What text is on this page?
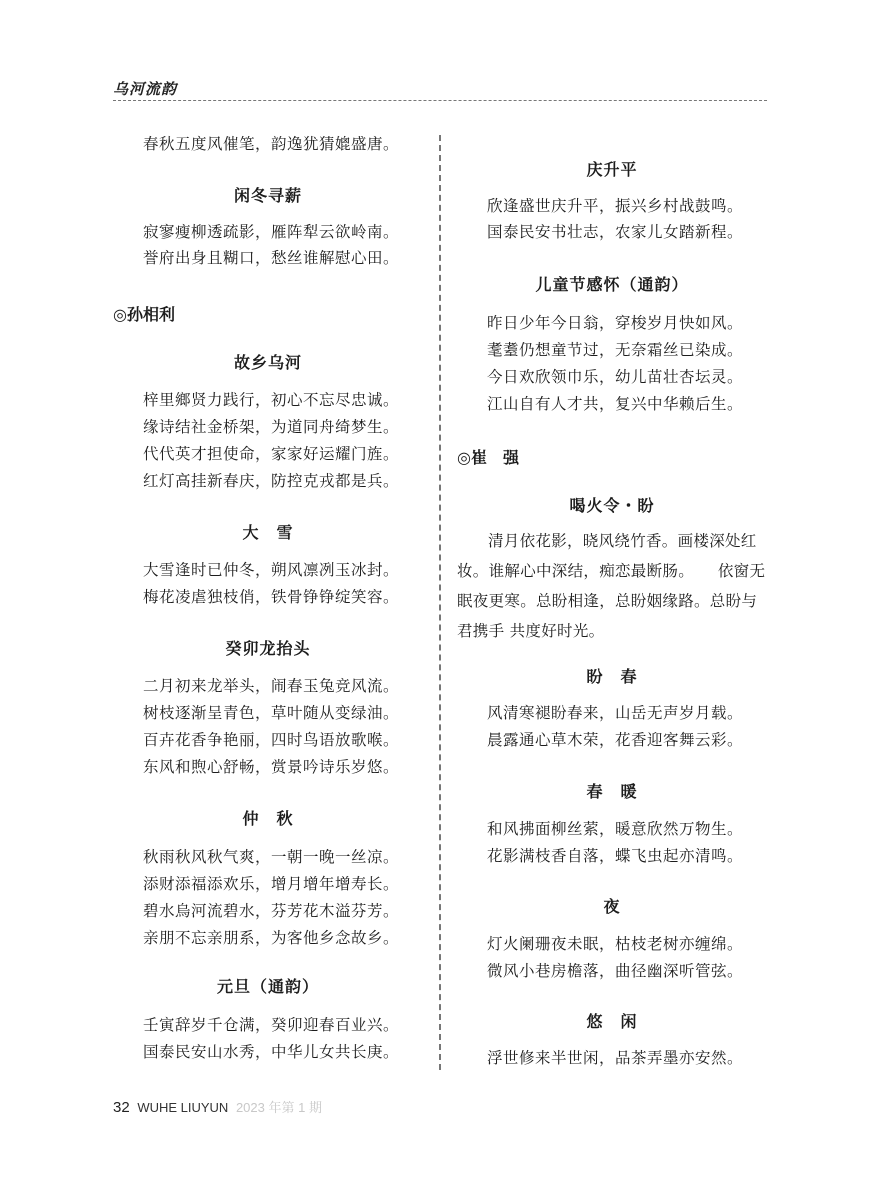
乌河流韵
春秋五度风催笔，韵逸犹猜媲盛唐。
闲冬寻薪
寂寥瘦柳透疏影，雁阵犁云欲岭南。
誉府出身且糊口，愁丝谁解慰心田。
◎孙相利
故乡乌河
梓里鄉贤力践行，初心不忘尽忠诚。
缘诗结社金桥架，为道同舟绮梦生。
代代英才担使命，家家好运耀门旌。
红灯高挂新春庆，防控克戎都是兵。
大　雪
大雪逢时已仲冬，朔风凛冽玉冰封。
梅花凌虐独枝俏，铁骨铮铮绽笑容。
癸卯龙抬头
二月初来龙举头，闹春玉兔竞风流。
树枝逐渐呈青色，草叶随从变绿油。
百卉花香争艳丽，四时鸟语放歌喉。
东风和煦心舒畅，赏景吟诗乐岁悠。
仲　秋
秋雨秋风秋气爽，一朝一晚一丝凉。
添财添福添欢乐，增月增年增寿长。
碧水烏河流碧水，芬芳花木溢芬芳。
亲朋不忘亲朋系，为客他乡念故乡。
元旦（通韵）
壬寅辞岁千仓满，癸卯迎春百业兴。
国泰民安山水秀，中华儿女共长庚。
庆升平
欣逢盛世庆升平，振兴乡村战鼓鸣。
国泰民安书壮志，农家儿女踏新程。
儿童节感怀（通韵）
昨日少年今日翁，穿梭岁月快如风。
耄耋仍想童节过，无奈霜丝已染成。
今日欢欣领巾乐，幼儿苗壮杏坛灵。
江山自有人才共，复兴中华赖后生。
◎崔　强
喝火令・盼
清月依花影，晓风绕竹香。画楼深处红妆。谁解心中深结，痴恋最断肠。　　依窗无眠夜更寒。总盼相逢，总盼姻缘路。总盼与君携手 共度好时光。
盼　春
风清寒褪盼春来，山岳无声岁月载。
晨露通心草木荣，花香迎客舞云彩。
春　暖
和风拂面柳丝萦，暖意欣然万物生。
花影满枝香自落，蝶飞虫起亦清鸣。
夜
灯火阑珊夜未眠，枯枝老树亦缠绵。
微风小巷房檐落，曲径幽深听管弦。
悠　闲
浮世修来半世闲，品茶弄墨亦安然。
32 WUHE LIUYUN 2023 年第 1 期
